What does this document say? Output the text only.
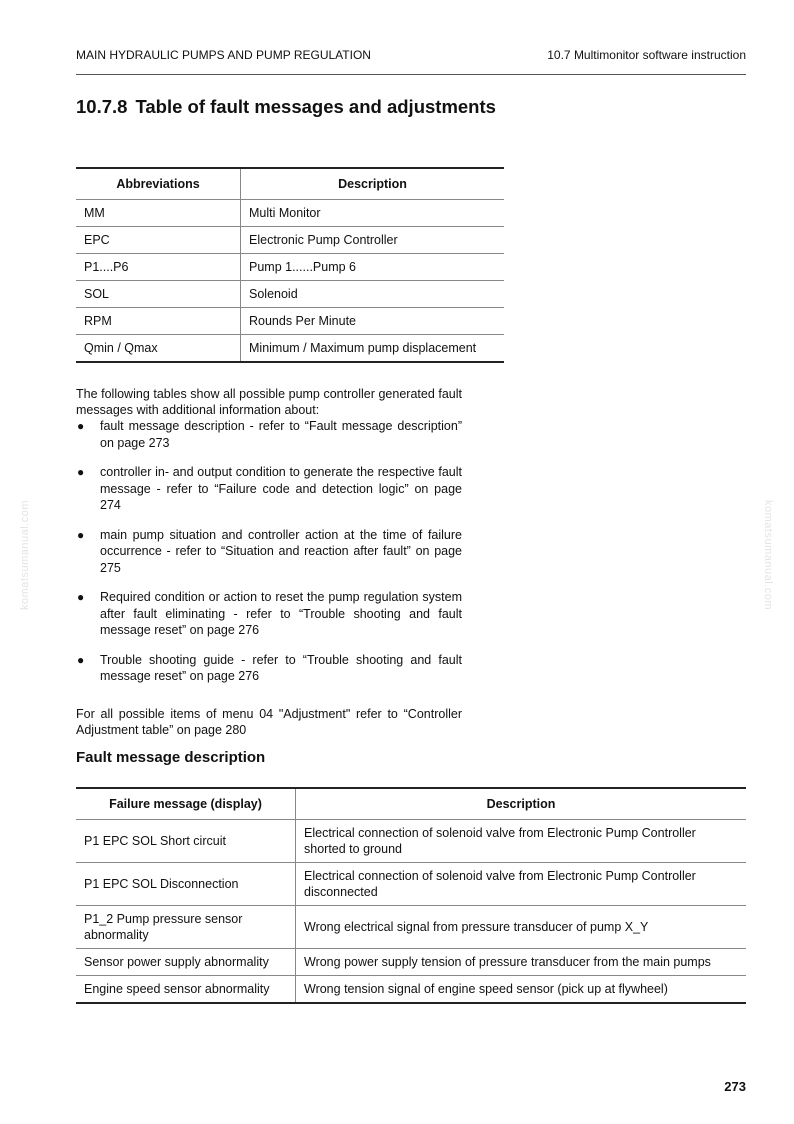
MAIN HYDRAULIC PUMPS AND PUMP REGULATION	10.7 Multimonitor software instruction
komatsumanual.com	komatsumanual.com
10.7.8 Table of fault messages and adjustments
Abbreviations	Description
MM	Multi Monitor
EPC	Electronic Pump Controller
P1....P6	Pump 1......Pump 6
SOL	Solenoid
RPM	Rounds Per Minute
Qmin / Qmax	Minimum / Maximum pump displacement

The following tables show all possible pump controller generated fault messages with additional information about:

● fault message description - refer to “Fault message description” on page 273
● controller in- and output condition to generate the respective fault message - refer to “Failure code and detection logic” on page 274
● main pump situation and controller action at the time of failure occurrence - refer to “Situation and reaction after fault” on page 275
● Required condition or action to reset the pump regulation system after fault eliminating - refer to “Trouble shooting and fault message reset” on page 276
● Trouble shooting guide - refer to “Trouble shooting and fault message reset” on page 276

For all possible items of menu 04 "Adjustment" refer to “Controller Adjustment table” on page 280

Fault message description
Failure message (display)	Description
P1 EPC SOL Short circuit	Electrical connection of solenoid valve from Electronic Pump Controller shorted to ground
P1 EPC SOL Disconnection	Electrical connection of solenoid valve from Electronic Pump Controller disconnected
P1_2 Pump pressure sensor abnormality	Wrong electrical signal from pressure transducer of pump X_Y
Sensor power supply abnormality	Wrong power supply tension of pressure transducer from the main pumps
Engine speed sensor abnormality	Wrong tension signal of engine speed sensor (pick up at flywheel)
273
